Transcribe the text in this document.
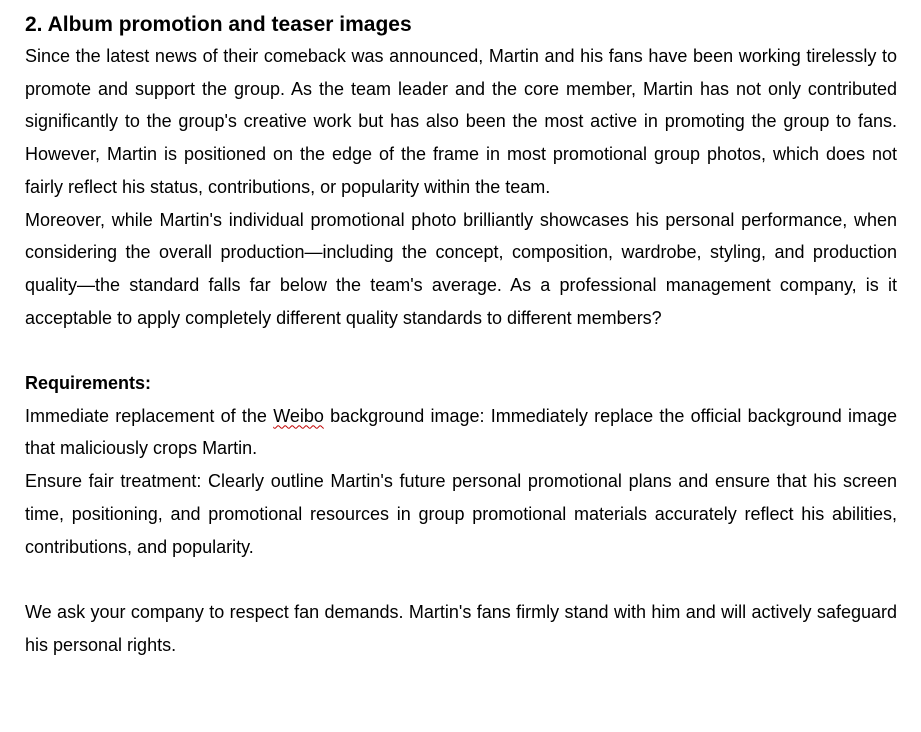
2. Album promotion and teaser images

Since the latest news of their comeback was announced, Martin and his fans have been working tirelessly to promote and support the group. As the team leader and the core member, Martin has not only contributed significantly to the group's creative work but has also been the most active in promoting the group to fans. However, Martin is positioned on the edge of the frame in most promotional group photos, which does not fairly reflect his status, contributions, or popularity within the team.

Moreover, while Martin's individual promotional photo brilliantly showcases his personal performance, when considering the overall production—including the concept, composition, wardrobe, styling, and production quality—the standard falls far below the team's average. As a professional management company, is it acceptable to apply completely different quality standards to different members?

Requirements:

Immediate replacement of the Weibo background image: Immediately replace the official background image that maliciously crops Martin.

Ensure fair treatment: Clearly outline Martin's future personal promotional plans and ensure that his screen time, positioning, and promotional resources in group promotional materials accurately reflect his abilities, contributions, and popularity.

We ask your company to respect fan demands. Martin's fans firmly stand with him and will actively safeguard his personal rights.
